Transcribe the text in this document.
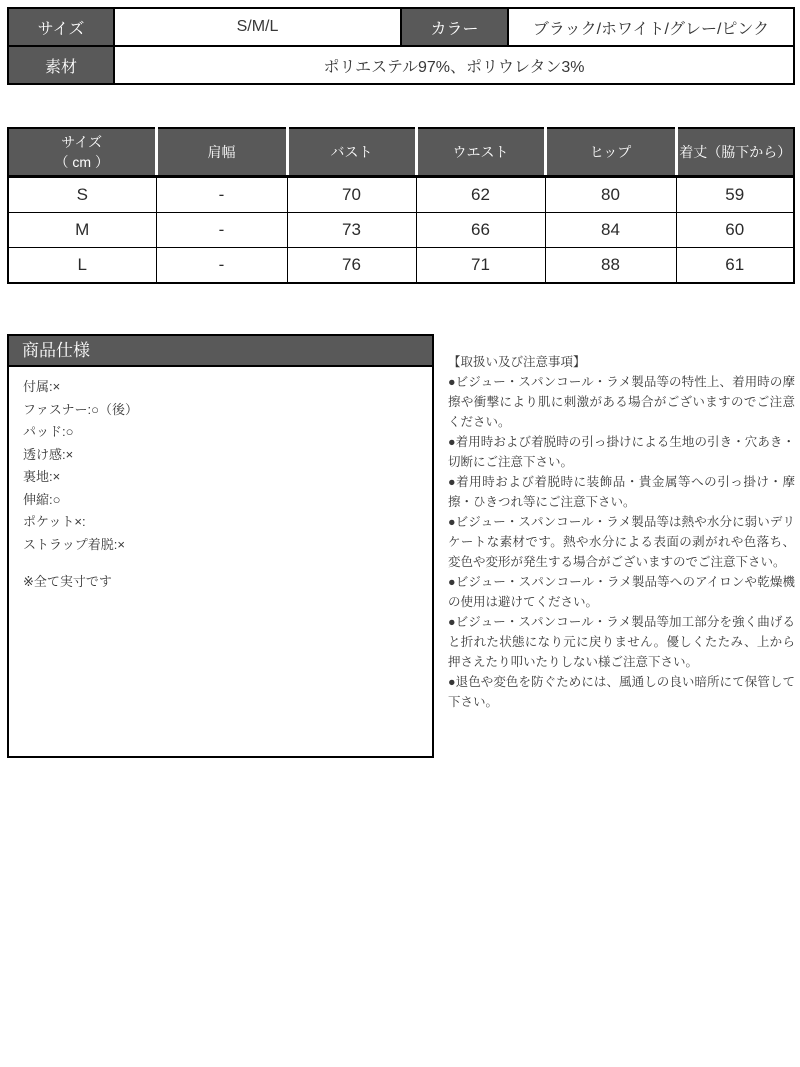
サイズ	S/M/L	カラー	ブラック/ホワイト/グレー/ピンク
素材	ポリエステル97%、ポリウレタン3%		
サイズ
（ cm ）	肩幅	バスト	ウエスト	ヒップ	着丈（脇下から）
S	-	70	62	80	59
M	-	73	66	84	60
L	-	76	71	88	61
商品仕様
付属:×
ファスナー:○（後）
パッド:○
透け感:×
裏地:×
伸縮:○
ポケット×:
ストラップ着脱:×
※全て実寸です

【取扱い及び注意事項】

●ビジュー・スパンコール・ラメ製品等の特性上、着用時の摩擦や衝撃により肌に刺激がある場合がございますのでご注意ください。

●着用時および着脱時の引っ掛けによる生地の引き・穴あき・切断にご注意下さい。

●着用時および着脱時に装飾品・貴金属等への引っ掛け・摩擦・ひきつれ等にご注意下さい。

●ビジュー・スパンコール・ラメ製品等は熱や水分に弱いデリケートな素材です。熱や水分による表面の剥がれや色落ち、変色や変形が発生する場合がございますのでご注意下さい。

●ビジュー・スパンコール・ラメ製品等へのアイロンや乾燥機の使用は避けてください。

●ビジュー・スパンコール・ラメ製品等加工部分を強く曲げると折れた状態になり元に戻りません。優しくたたみ、上から押さえたり叩いたりしない様ご注意下さい。

●退色や変色を防ぐためには、風通しの良い暗所にて保管して下さい。
